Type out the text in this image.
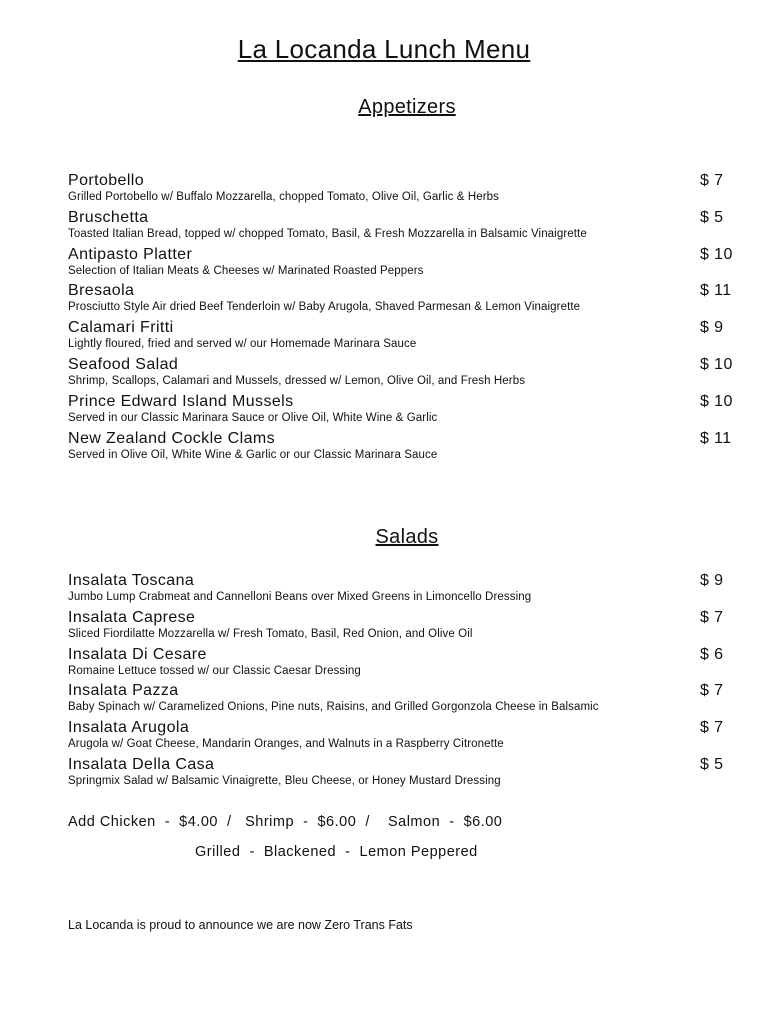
La Locanda Lunch Menu
Appetizers
Portobello	$ 7
Grilled Portobello w/ Buffalo Mozzarella, chopped Tomato, Olive Oil, Garlic & Herbs
Bruschetta	$ 5
Toasted Italian Bread, topped w/ chopped Tomato, Basil, & Fresh Mozzarella in Balsamic Vinaigrette
Antipasto Platter	$ 10
Selection of Italian Meats & Cheeses w/ Marinated Roasted Peppers
Bresaola	$ 11
Prosciutto Style Air dried Beef Tenderloin w/ Baby Arugola, Shaved Parmesan & Lemon Vinaigrette
Calamari Fritti	$ 9
Lightly floured, fried and served w/ our Homemade Marinara Sauce
Seafood Salad	$ 10
Shrimp, Scallops, Calamari and Mussels, dressed w/ Lemon, Olive Oil, and Fresh Herbs
Prince Edward Island Mussels	$ 10
Served in our Classic Marinara Sauce or Olive Oil, White Wine & Garlic
New Zealand Cockle Clams	$ 11
Served in Olive Oil, White Wine & Garlic or our Classic Marinara Sauce
Salads
Insalata Toscana	$ 9
Jumbo Lump Crabmeat and Cannelloni Beans over Mixed Greens in Limoncello Dressing
Insalata Caprese	$ 7
Sliced Fiordilatte Mozzarella w/ Fresh Tomato, Basil, Red Onion, and Olive Oil
Insalata Di Cesare	$ 6
Romaine Lettuce tossed w/ our Classic Caesar Dressing
Insalata Pazza	$ 7
Baby Spinach w/ Caramelized Onions, Pine nuts, Raisins, and Grilled Gorgonzola Cheese in Balsamic
Insalata Arugola	$ 7
Arugola w/ Goat Cheese, Mandarin Oranges, and Walnuts in a Raspberry Citronette
Insalata Della Casa	$ 5
Springmix Salad w/ Balsamic Vinaigrette, Bleu Cheese, or Honey Mustard Dressing
Add Chicken  -  $4.00  /   Shrimp  -  $6.00  /    Salmon  -  $6.00
Grilled  -  Blackened  -  Lemon Peppered
La Locanda is proud to announce we are now Zero Trans Fats
